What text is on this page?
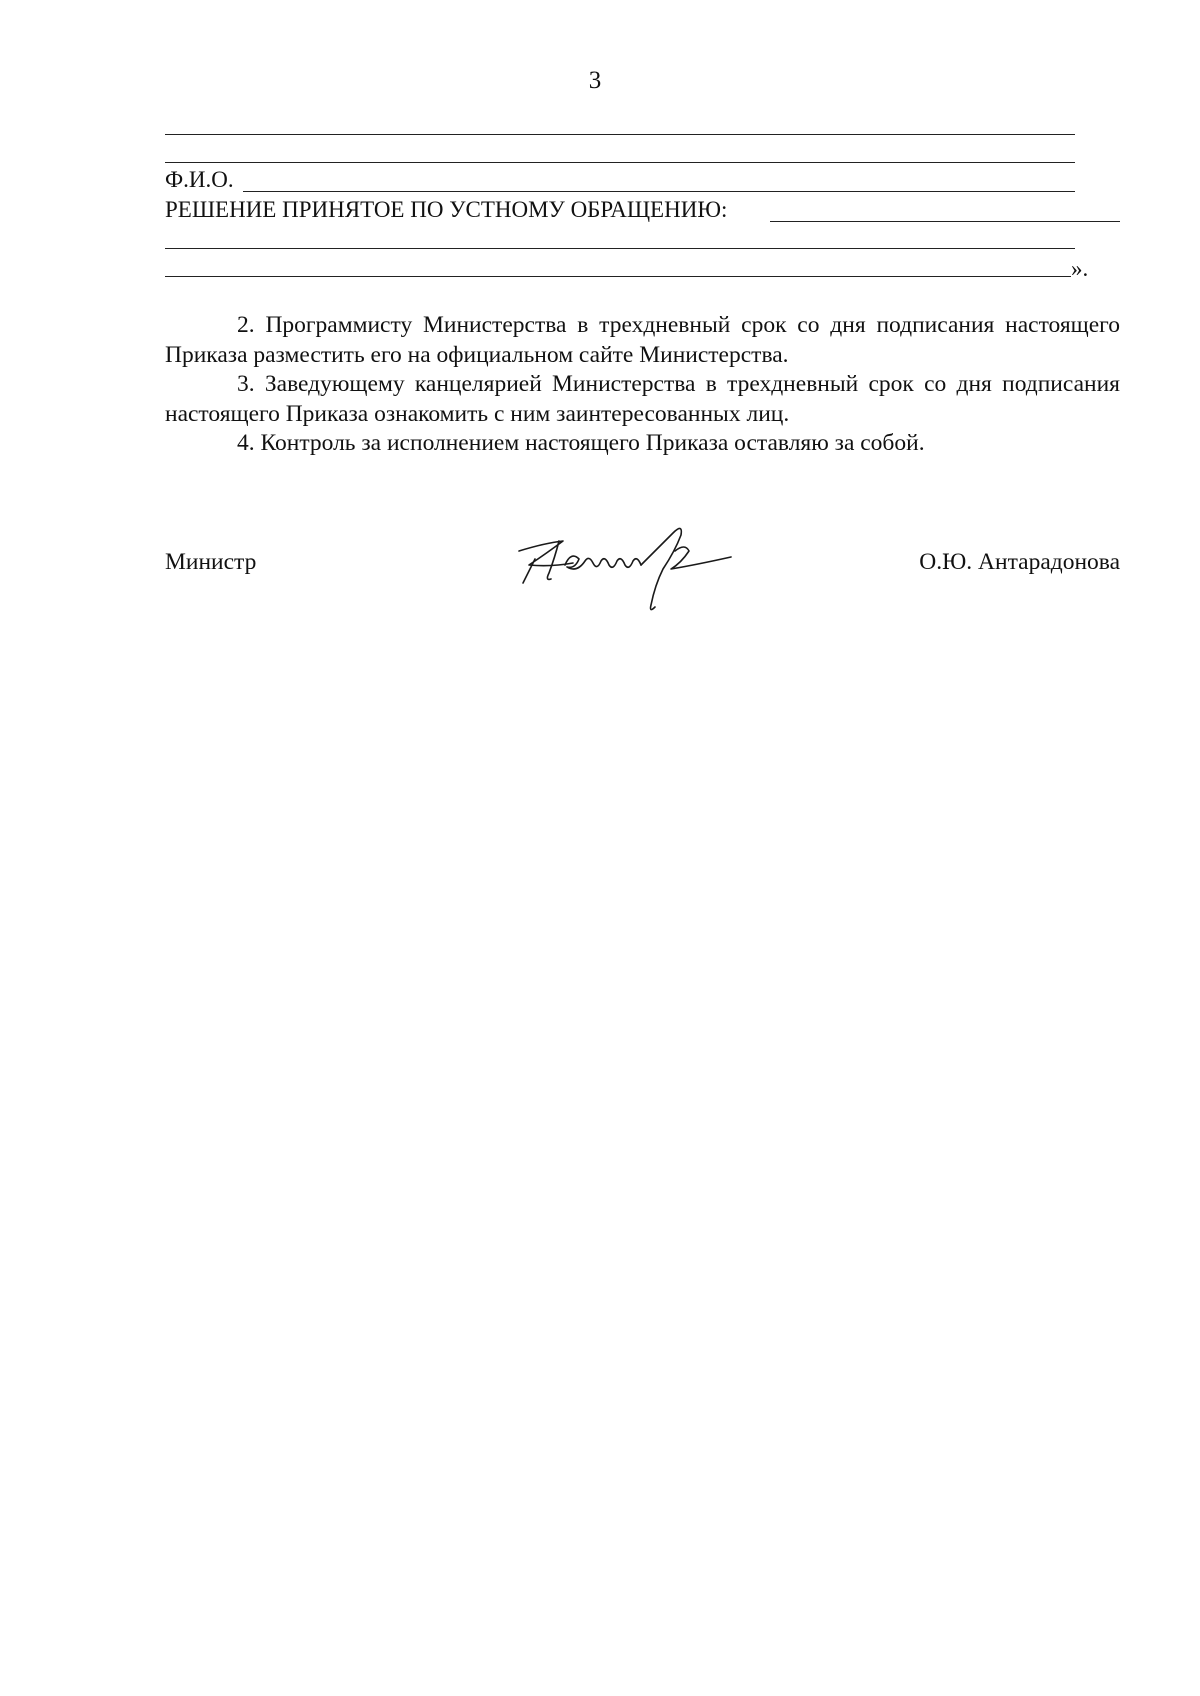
3
Ф.И.О.
РЕШЕНИЕ ПРИНЯТОЕ ПО УСТНОМУ ОБРАЩЕНИЮ:
».

2. Программисту Министерства в трехдневный срок со дня подписания настоящего Приказа разместить его на официальном сайте Министерства.

3. Заведующему канцелярией Министерства в трехдневный срок со дня подписания настоящего Приказа ознакомить с ним заинтересованных лиц.

4. Контроль за исполнением настоящего Приказа оставляю за собой.

Министр	О.Ю. Антарадонова
